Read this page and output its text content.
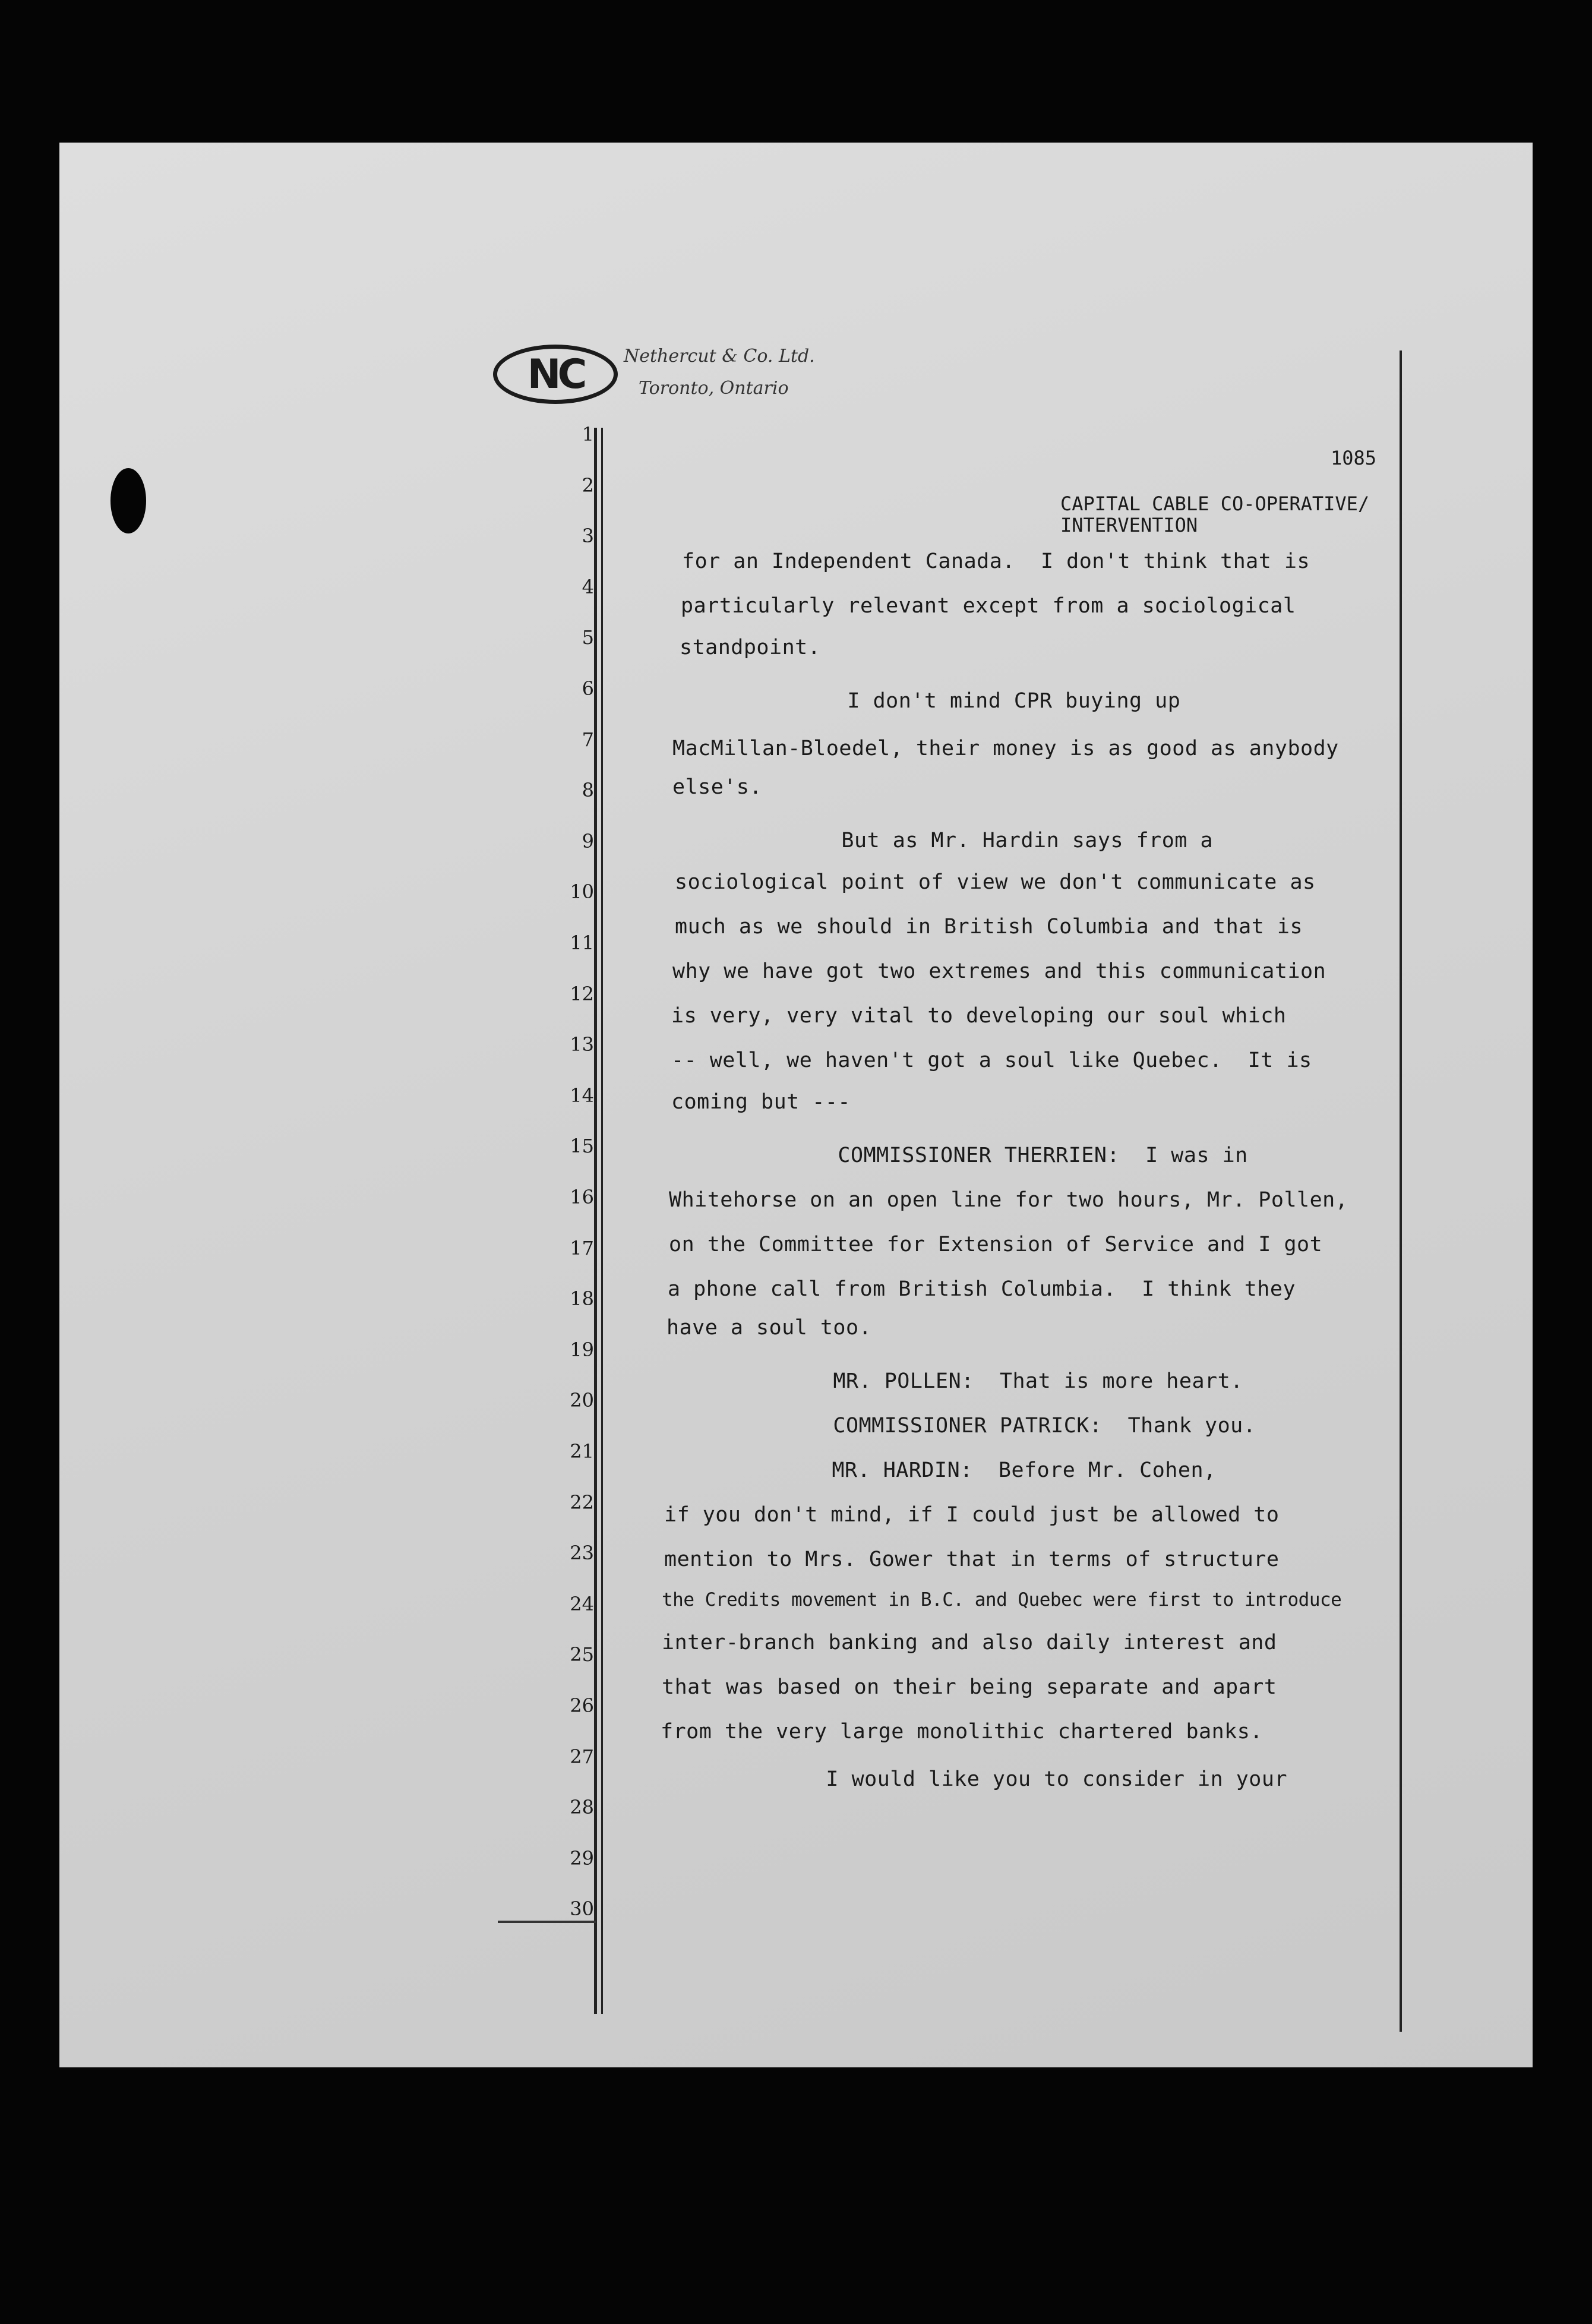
NC Nethercut & Co. Ltd.
Toronto, Ontario
1
2
3
4
5
6
7
8
9
10
11
12
13
14
15
16
17
18
19
20
21
22
23
24
25
26
27
28
29
30
1085
CAPITAL CABLE CO-OPERATIVE/
INTERVENTION
for an Independent Canada.  I don't think that is
particularly relevant except from a sociological
standpoint.
I don't mind CPR buying up
MacMillan-Bloedel, their money is as good as anybody
else's.
But as Mr. Hardin says from a
sociological point of view we don't communicate as
much as we should in British Columbia and that is
why we have got two extremes and this communication
is very, very vital to developing our soul which
-- well, we haven't got a soul like Quebec.  It is
coming but ---
COMMISSIONER THERRIEN:  I was in
Whitehorse on an open line for two hours, Mr. Pollen,
on the Committee for Extension of Service and I got
a phone call from British Columbia.  I think they
have a soul too.
MR. POLLEN:  That is more heart.
COMMISSIONER PATRICK:  Thank you.
MR. HARDIN:  Before Mr. Cohen,
if you don't mind, if I could just be allowed to
mention to Mrs. Gower that in terms of structure
the Credits movement in B.C. and Quebec were first to introduce
inter-branch banking and also daily interest and
that was based on their being separate and apart
from the very large monolithic chartered banks.
I would like you to consider in your
